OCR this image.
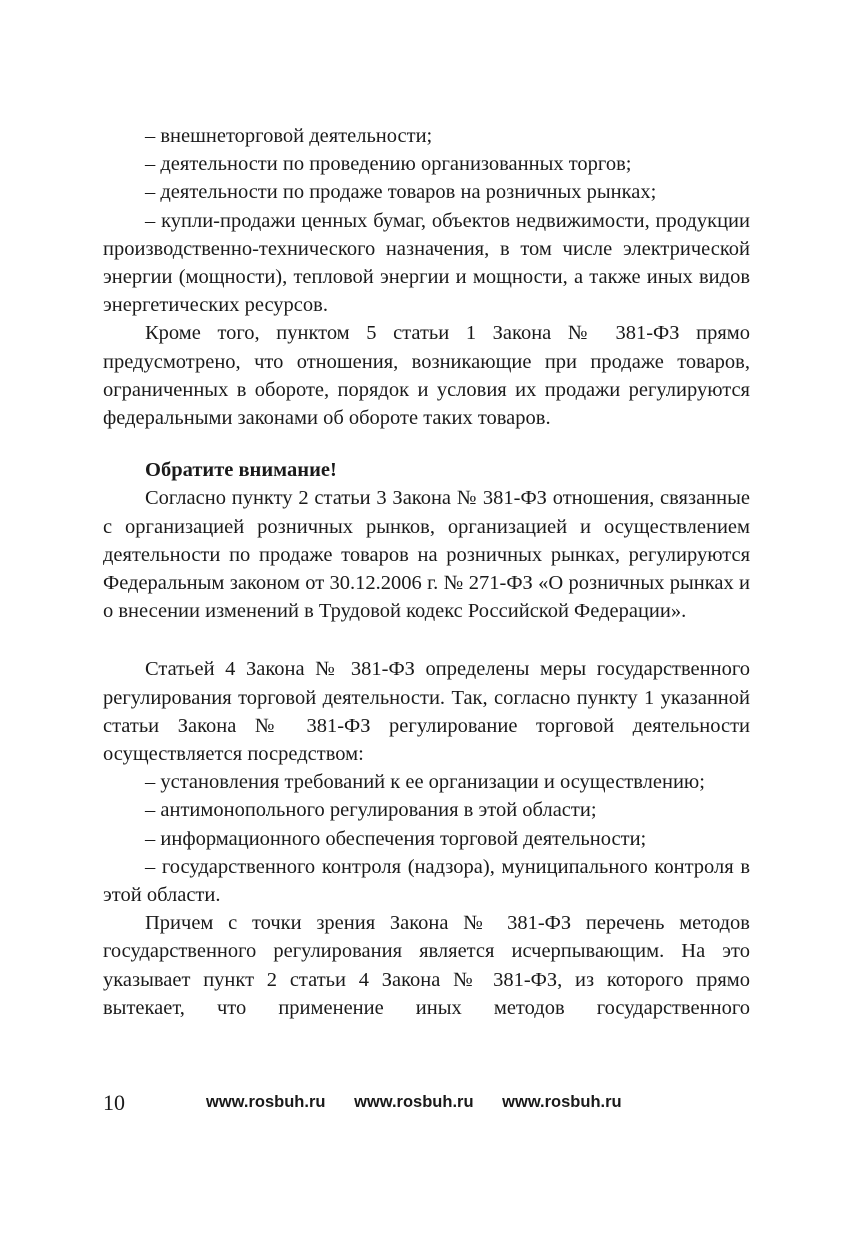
– внешнеторговой деятельности;

– деятельности по проведению организованных торгов;

– деятельности по продаже товаров на розничных рынках;

– купли-продажи ценных бумаг, объектов недвижимости, продукции производственно-технического назначения, в том числе электрической энергии (мощности), тепловой энергии и мощности, а также иных видов энергетических ресурсов.

Кроме того, пунктом 5 статьи 1 Закона № 381-ФЗ прямо предусмотрено, что отношения, возникающие при продаже товаров, ограниченных в обороте, порядок и условия их продажи регулируются федеральными законами об обороте таких товаров.

Обратите внимание!

Согласно пункту 2 статьи 3 Закона № 381-ФЗ отношения, связанные с организацией розничных рынков, организацией и осуществлением деятельности по продаже товаров на розничных рынках, регулируются Федеральным законом от 30.12.2006 г. № 271-ФЗ «О розничных рынках и о внесении изменений в Трудовой кодекс Российской Федерации».

Статьей 4 Закона № 381-ФЗ определены меры государственного регулирования торговой деятельности. Так, согласно пункту 1 указанной статьи Закона № 381-ФЗ регулирование торговой деятельности осуществляется посредством:

– установления требований к ее организации и осуществлению;

– антимонопольного регулирования в этой области;

– информационного обеспечения торговой деятельности;

– государственного контроля (надзора), муниципального контроля в этой области.

Причем с точки зрения Закона № 381-ФЗ перечень методов государственного регулирования является исчерпывающим. На это указывает пункт 2 статьи 4 Закона № 381-ФЗ, из которого прямо вытекает, что применение иных методов государственного

10	www.rosbuh.ru www.rosbuh.ru www.rosbuh.ru
